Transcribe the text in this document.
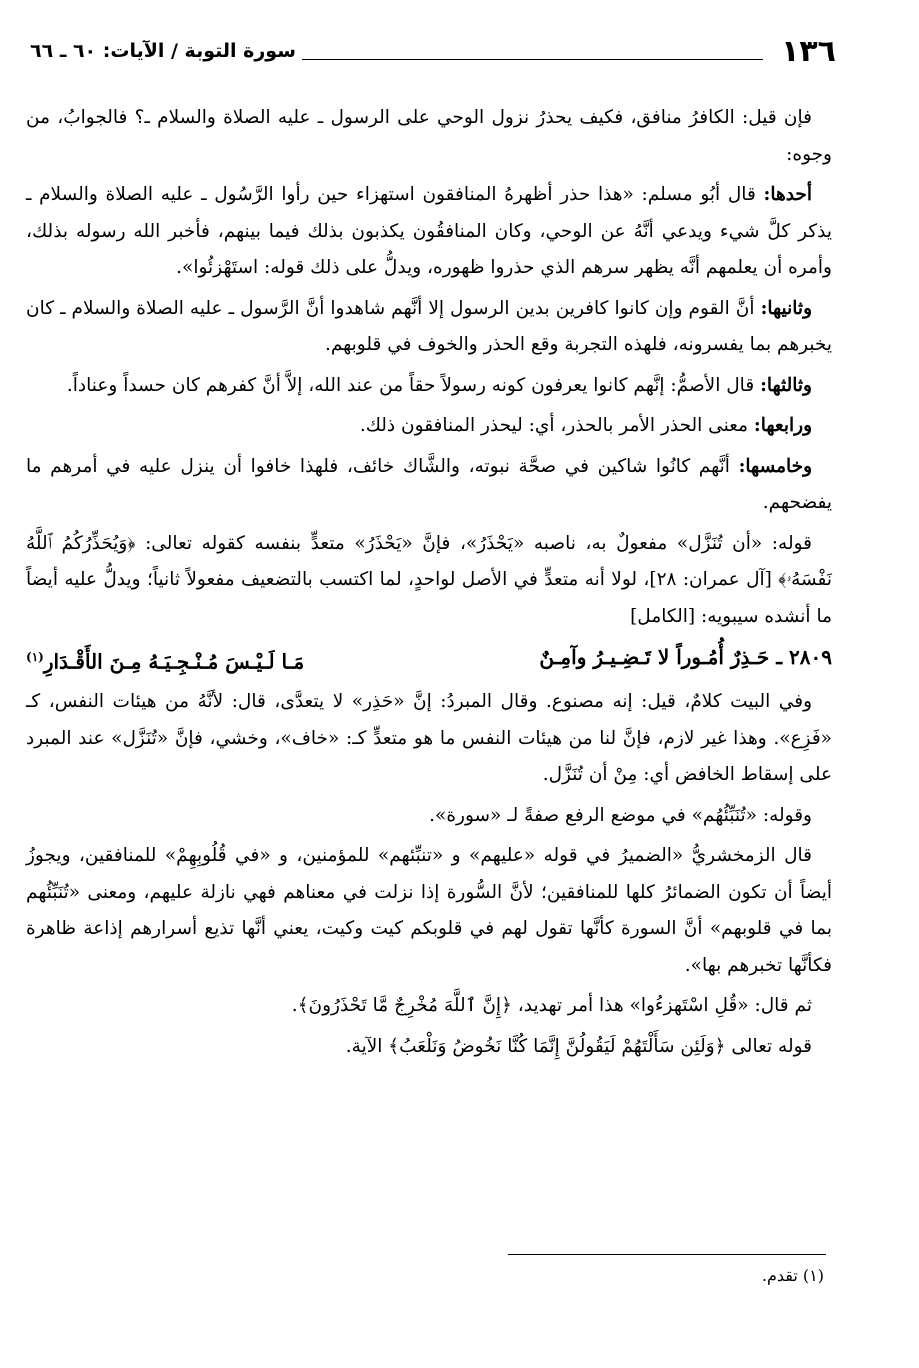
١٣٦
سورة التوبة / الآيات: ٦٠ ـ ٦٦

فإن قيل: الكافرُ منافق، فكيف يحذرُ نزول الوحي على الرسول ـ عليه الصلاة والسلام ـ؟ فالجوابُ، من وجوه:

أحدها: قال أبُو مسلم: «هذا حذر أظهرهُ المنافقون استهزاء حين رأوا الرَّسُول ـ عليه الصلاة والسلام ـ يذكر كلَّ شيء ويدعي أنَّهُ عن الوحي، وكان المنافقُون يكذبون بذلك فيما بينهم، فأخبر الله رسوله بذلك، وأمره أن يعلمهم أنَّه يظهر سرهم الذي حذروا ظهوره، ويدلُّ على ذلك قوله: استَهْزئُوا».

وثانيها: أنَّ القوم وإن كانوا كافرين بدين الرسول إلا أنَّهم شاهدوا أنَّ الرَّسول ـ عليه الصلاة والسلام ـ كان يخبرهم بما يفسرونه، فلهذه التجربة وقع الحذر والخوف في قلوبهم.

وثالثها: قال الأصمُّ: إنَّهم كانوا يعرفون كونه رسولاً حقاً من عند الله، إلاَّ أنَّ كفرهم كان حسداً وعناداً.

ورابعها: معنى الحذر الأمر بالحذر، أي: ليحذر المنافقون ذلك.

وخامسها: أنَّهم كانُوا شاكين في صحَّة نبوته، والشَّاك خائف، فلهذا خافوا أن ينزل عليه في أمرهم ما يفضحهم.

قوله: «أن تُنَزَّل» مفعولٌ به، ناصبه «يَحْذَرُ»، فإنَّ «يَحْذَرُ» متعدٍّ بنفسه كقوله تعالى: ﴿وَيُحَذِّرُكُمُ ٱللَّهُ نَفْسَهُۥ﴾ [آل عمران: ٢٨]، لولا أنه متعدٍّ في الأصل لواحدٍ، لما اكتسب بالتضعيف مفعولاً ثانياً؛ ويدلُّ عليه أيضاً ما أنشده سيبويه: [الكامل]

٢٨٠٩ ـ حَـذِرٌ أُمُـوراً لا تَـضِـيـرُ وآمِـنٌ
مَـا لَـيْـسَ مُـنْـجِـيَـهُ مِـنَ الأَقْـدَارِ$^{(١)}$

وفي البيت كلامٌ، قيل: إنه مصنوع. وقال المبردُ: إنَّ «حَذِر» لا يتعدَّى، قال: لأنَّهُ من هيئات النفس، كـ «فَزِع». وهذا غير لازم، فإنَّ لنا من هيئات النفس ما هو متعدٍّ كـ: «خاف»، وخشي، فإنَّ «تُنَزَّل» عند المبرد على إسقاط الخافض أي: مِنْ أن تُنَزَّل.

وقوله: «تُنَبِّئُهُم» في موضع الرفع صفةً لـ «سورة».

قال الزمخشريُّ «الضميرُ في قوله «عليهم» و «تنبِّئهم» للمؤمنين، و «في قُلُوبِهِمْ» للمنافقين، ويجوزُ أيضاً أن تكون الضمائرُ كلها للمنافقين؛ لأنَّ السُّورة إذا نزلت في معناهم فهي نازلة عليهم، ومعنى «تُنَبِّئُهم بما في قلوبهم» أنَّ السورة كأنَّها تقول لهم في قلوبكم كيت وكيت، يعني أنَّها تذيع أسرارهم إذاعة ظاهرة فكأنَّها تخبرهم بها».

ثم قال: «قُلِ اسْتَهزءُوا» هذا أمر تهديد، ﴿إِنَّ ٱللَّهَ مُخْرِجٌ مَّا تَحْذَرُونَ﴾.

قوله تعالى ﴿وَلَئِن سَأَلْتَهُمْ لَيَقُولُنَّ إِنَّمَا كُنَّا نَخُوضُ وَنَلْعَبُ﴾ الآية.

(١) تقدم.
